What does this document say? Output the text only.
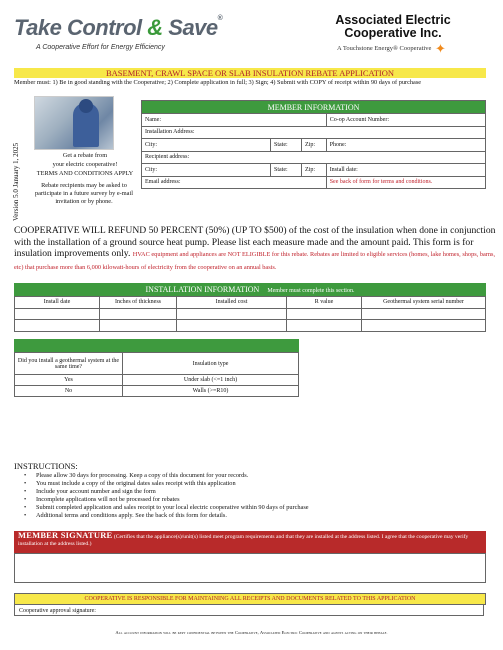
Take Control & Save®
A Cooperative Effort for Energy Efficiency
Associated Electric Cooperative Inc.
A Touchstone Energy® Cooperative ✦
BASEMENT, CRAWL SPACE OR SLAB INSULATION REBATE APPLICATION
Member must: 1) Be in good standing with the Cooperative; 2) Complete application in full; 3) Sign; 4) Submit with COPY of receipt within 90 days of purchase
Version 5.0 January 1, 2025	Get a rebate from
your electric cooperative!
TERMS AND CONDITIONS APPLY
Rebate recipients may be asked to participate in a future survey by e-mail invitation or by phone.
MEMBER INFORMATION			
Name:			Co-op Account Number:
Installation Address:			
City:	State:	Zip:	Phone:
Recipient address:			
City:	State:	Zip:	Install date:
Email address:			See back of form for terms and conditions.
COOPERATIVE WILL REFUND 50 PERCENT (50%) (UP TO $500) of the cost of the insulation when done in conjunction with the installation of a ground source heat pump. Please list each measure made and the amount paid. This form is for insulation improvements only. HVAC equipment and appliances are NOT ELIGIBLE for this rebate. Rebates are limited to eligible services (homes, lake homes, shops, barns, etc) that purchase more than 6,000 kilowatt-hours of electricity from the cooperative on an annual basis.
INSTALLATION INFORMATION Member must complete this section.
Install date	Inches of thickness	Installed cost	R value	Geothermal system serial number

Did you install a geothermal system at the same time?	Insulation type
Yes	Under slab (<=1 inch)
No	Walls (>=R10)
INSTRUCTIONS:
• Please allow 30 days for processing. Keep a copy of this document for your records.
• You must include a copy of the original dates sales receipt with this application
• Include your account number and sign the form
• Incomplete applications will not be processed for rebates
• Submit completed application and sales receipt to your local electric cooperative within 90 days of purchase
• Additional terms and conditions apply. See the back of this form for details.
MEMBER SIGNATURE (Certifies that the appliance(s)/unit(s) listed meet program requirements and that they are installed at the address listed. I agree that the cooperative may verify installation at the address listed.)
COOPERATIVE IS RESPONSIBLE FOR MAINTAINING ALL RECEIPTS AND DOCUMENTS RELATED TO THIS APPLICATION
Cooperative approval signature:
All account information will be kept confidential between the Cooperative, Associated Electric Cooperative and agents acting on their behalf.
